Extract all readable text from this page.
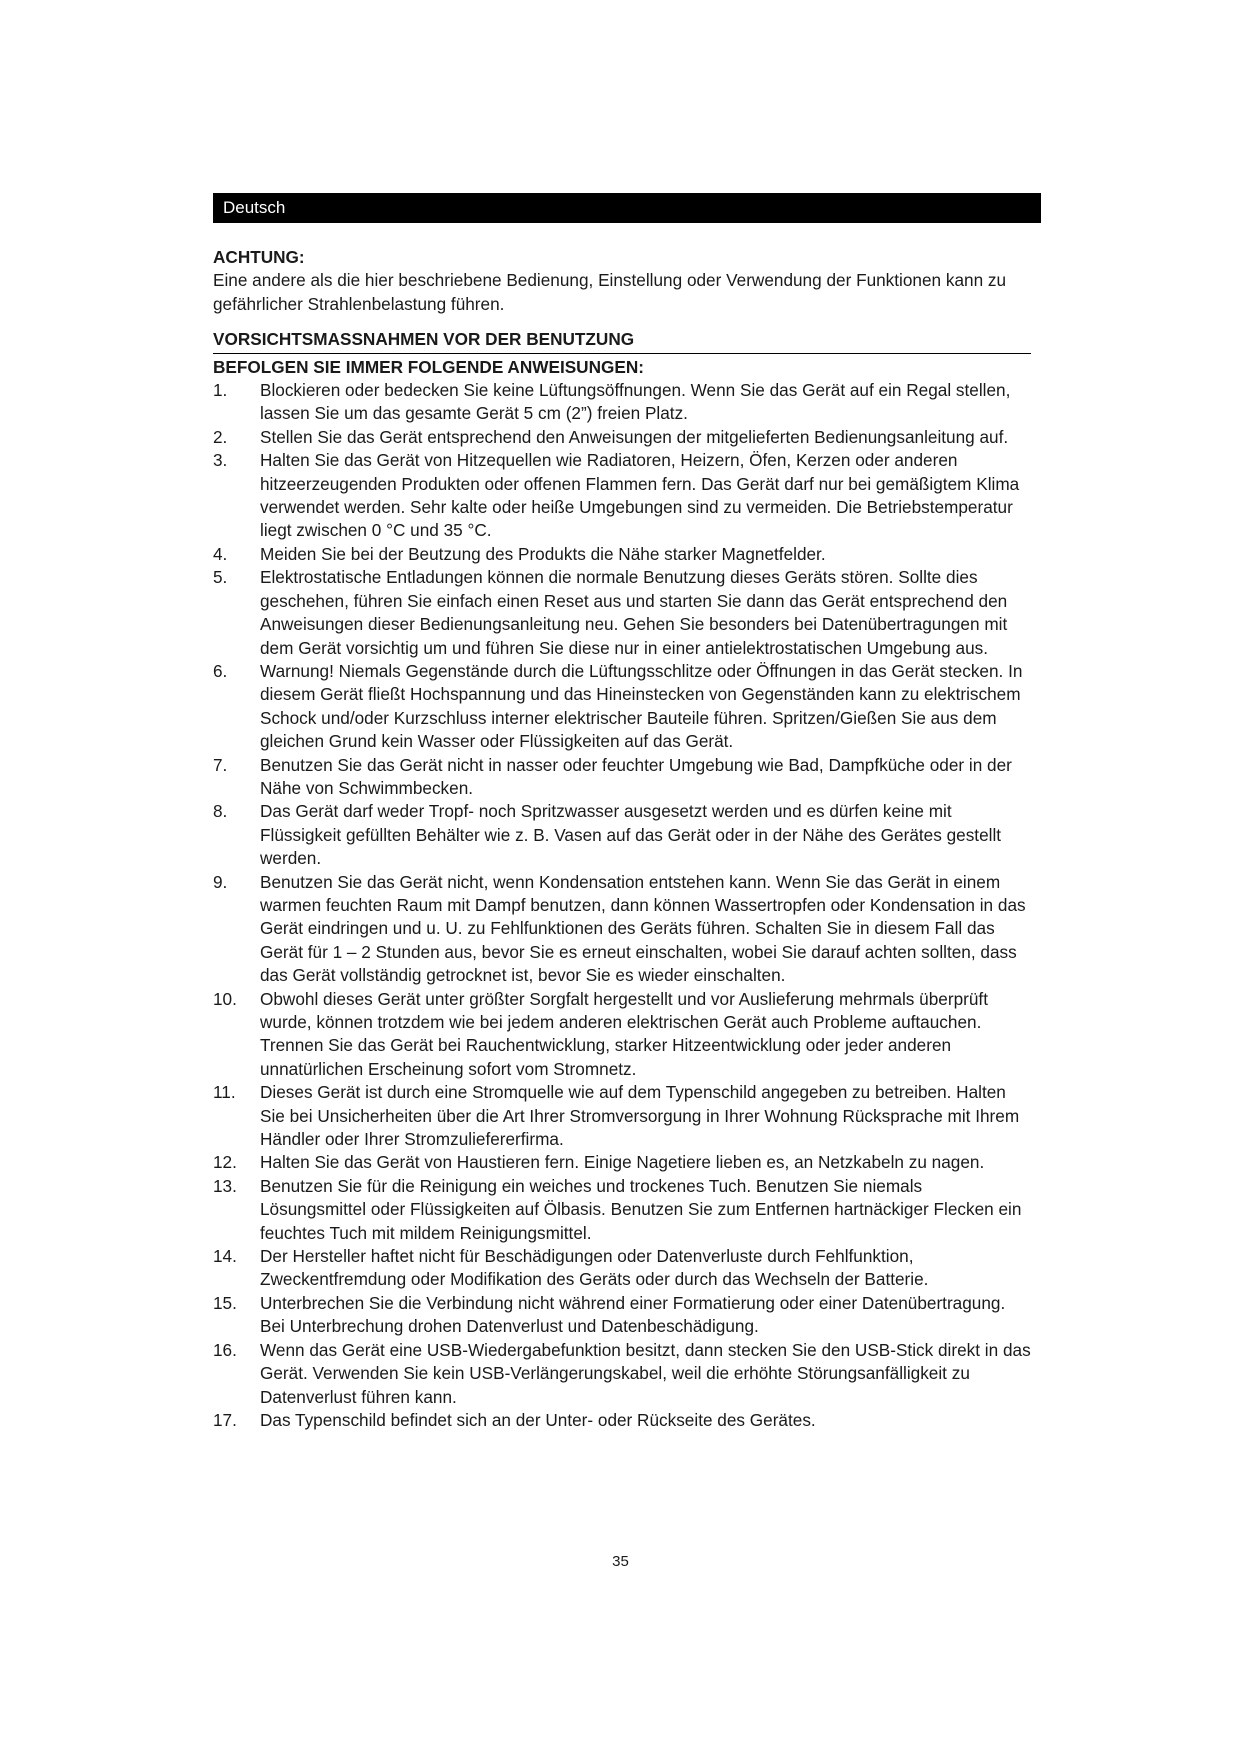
Deutsch

ACHTUNG:

Eine andere als die hier beschriebene Bedienung, Einstellung oder Verwendung der Funktionen kann zu gefährlicher Strahlenbelastung führen.

VORSICHTSMASSNAHMEN VOR DER BENUTZUNG

BEFOLGEN SIE IMMER FOLGENDE ANWEISUNGEN:

1. Blockieren oder bedecken Sie keine Lüftungsöffnungen. Wenn Sie das Gerät auf ein Regal stellen, lassen Sie um das gesamte Gerät 5 cm (2”) freien Platz.
2. Stellen Sie das Gerät entsprechend den Anweisungen der mitgelieferten Bedienungsanleitung auf.
3. Halten Sie das Gerät von Hitzequellen wie Radiatoren, Heizern, Öfen, Kerzen oder anderen hitzeerzeugenden Produkten oder offenen Flammen fern. Das Gerät darf nur bei gemäßigtem Klima verwendet werden. Sehr kalte oder heiße Umgebungen sind zu vermeiden. Die Betriebstemperatur liegt zwischen 0 °C und 35 °C.
4. Meiden Sie bei der Beutzung des Produkts die Nähe starker Magnetfelder.
5. Elektrostatische Entladungen können die normale Benutzung dieses Geräts stören. Sollte dies geschehen, führen Sie einfach einen Reset aus und starten Sie dann das Gerät entsprechend den Anweisungen dieser Bedienungsanleitung neu. Gehen Sie besonders bei Datenübertragungen mit dem Gerät vorsichtig um und führen Sie diese nur in einer antielektrostatischen Umgebung aus.
6. Warnung! Niemals Gegenstände durch die Lüftungsschlitze oder Öffnungen in das Gerät stecken. In diesem Gerät fließt Hochspannung und das Hineinstecken von Gegenständen kann zu elektrischem Schock und/oder Kurzschluss interner elektrischer Bauteile führen. Spritzen/Gießen Sie aus dem gleichen Grund kein Wasser oder Flüssigkeiten auf das Gerät.
7. Benutzen Sie das Gerät nicht in nasser oder feuchter Umgebung wie Bad, Dampfküche oder in der Nähe von Schwimmbecken.
8. Das Gerät darf weder Tropf- noch Spritzwasser ausgesetzt werden und es dürfen keine mit Flüssigkeit gefüllten Behälter wie z. B. Vasen auf das Gerät oder in der Nähe des Gerätes gestellt werden.
9. Benutzen Sie das Gerät nicht, wenn Kondensation entstehen kann. Wenn Sie das Gerät in einem warmen feuchten Raum mit Dampf benutzen, dann können Wassertropfen oder Kondensation in das Gerät eindringen und u. U. zu Fehlfunktionen des Geräts führen. Schalten Sie in diesem Fall das Gerät für 1 – 2 Stunden aus, bevor Sie es erneut einschalten, wobei Sie darauf achten sollten, dass das Gerät vollständig getrocknet ist, bevor Sie es wieder einschalten.
10. Obwohl dieses Gerät unter größter Sorgfalt hergestellt und vor Auslieferung mehrmals überprüft wurde, können trotzdem wie bei jedem anderen elektrischen Gerät auch Probleme auftauchen. Trennen Sie das Gerät bei Rauchentwicklung, starker Hitzeentwicklung oder jeder anderen unnatürlichen Erscheinung sofort vom Stromnetz.
11. Dieses Gerät ist durch eine Stromquelle wie auf dem Typenschild angegeben zu betreiben. Halten Sie bei Unsicherheiten über die Art Ihrer Stromversorgung in Ihrer Wohnung Rücksprache mit Ihrem Händler oder Ihrer Stromzuliefererfirma.
12. Halten Sie das Gerät von Haustieren fern. Einige Nagetiere lieben es, an Netzkabeln zu nagen.
13. Benutzen Sie für die Reinigung ein weiches und trockenes Tuch. Benutzen Sie niemals Lösungsmittel oder Flüssigkeiten auf Ölbasis. Benutzen Sie zum Entfernen hartnäckiger Flecken ein feuchtes Tuch mit mildem Reinigungsmittel.
14. Der Hersteller haftet nicht für Beschädigungen oder Datenverluste durch Fehlfunktion, Zweckentfremdung oder Modifikation des Geräts oder durch das Wechseln der Batterie.
15. Unterbrechen Sie die Verbindung nicht während einer Formatierung oder einer Datenübertragung. Bei Unterbrechung drohen Datenverlust und Datenbeschädigung.
16. Wenn das Gerät eine USB-Wiedergabefunktion besitzt, dann stecken Sie den USB-Stick direkt in das Gerät. Verwenden Sie kein USB-Verlängerungskabel, weil die erhöhte Störungsanfälligkeit zu Datenverlust führen kann.
17. Das Typenschild befindet sich an der Unter- oder Rückseite des Gerätes.
35
